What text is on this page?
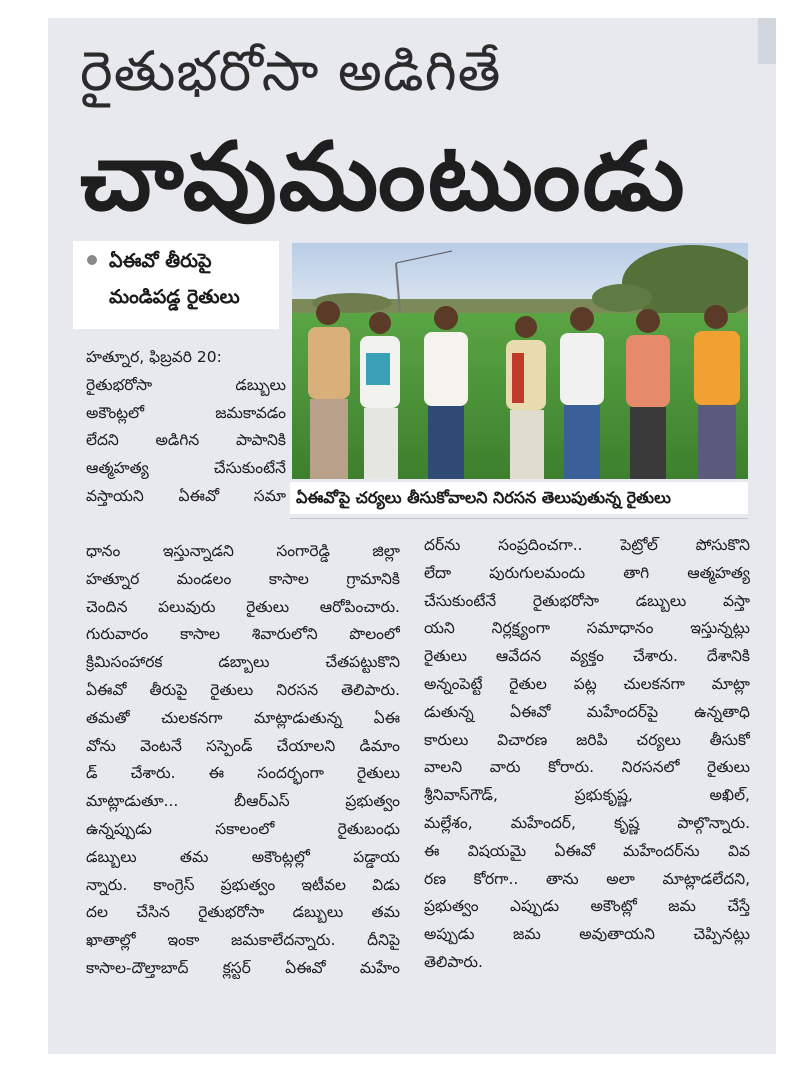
రైతుభరోసా అడిగితే
చావుమంటుండు
ఏఈవో తీరుపై
మండిపడ్డ రైతులు
ఏఈవోపై చర్యలు తీసుకోవాలని నిరసన తెలుపుతున్న రైతులు
హత్నూర, ఫిబ్రవరి 20:
రైతుభరోసా డబ్బులు
అకౌంట్లలో జమకావడం
లేదని అడిగిన పాపానికి
ఆత్మహత్య చేసుకుంటేనే
వస్తాయని ఏఈవో సమా
ధానం ఇస్తున్నాడని సంగారెడ్డి జిల్లా
హత్నూర మండలం కాసాల గ్రామానికి
చెందిన పలువురు రైతులు ఆరోపించారు.
గురువారం కాసాల శివారులోని పొలంలో
క్రిమిసంహారక డబ్బాలు చేతపట్టుకొని
ఏఈవో తీరుపై రైతులు నిరసన తెలిపారు.
తమతో చులకనగా మాట్లాడుతున్న ఏఈ
వోను వెంటనే సస్పెండ్ చేయాలని డిమాం
డ్ చేశారు. ఈ సందర్భంగా రైతులు
మాట్లాడుతూ... బీఆర్ఎస్ ప్రభుత్వం
ఉన్నప్పుడు సకాలంలో రైతుబంధు
డబ్బులు తమ అకౌంట్లల్లో పడ్డాయ
న్నారు. కాంగ్రెస్ ప్రభుత్వం ఇటీవల విడు
దల చేసిన రైతుభరోసా డబ్బులు తమ
ఖాతాల్లో ఇంకా జమకాలేదన్నారు. దీనిపై
కాసాల-దౌల్తాబాద్ క్లస్టర్ ఏఈవో మహేం
దర్‌ను సంప్రదించగా.. పెట్రోల్ పోసుకొని
లేదా పురుగులమందు తాగి ఆత్మహత్య
చేసుకుంటేనే రైతుభరోసా డబ్బులు వస్తా
యని నిర్లక్ష్యంగా సమాధానం ఇస్తున్నట్లు
రైతులు ఆవేదన వ్యక్తం చేశారు. దేశానికి
అన్నంపెట్టే రైతుల పట్ల చులకనగా మాట్లా
డుతున్న ఏఈవో మహేందర్‌పై ఉన్నతాధి
కారులు విచారణ జరిపి చర్యలు తీసుకో
వాలని వారు కోరారు. నిరసనలో రైతులు
శ్రీనివాస్‌గౌడ్, ప్రభుకృష్ణ, అఖిల్,
మల్లేశం, మహేందర్, కృష్ణ పాల్గొన్నారు.
ఈ విషయమై ఏఈవో మహేందర్‌ను వివ
రణ కోరగా.. తాను అలా మాట్లాడలేదని,
ప్రభుత్వం ఎప్పుడు అకౌంట్లో జమ చేస్తే
అప్పుడు జమ అవుతాయని చెప్పినట్లు
తెలిపారు.
